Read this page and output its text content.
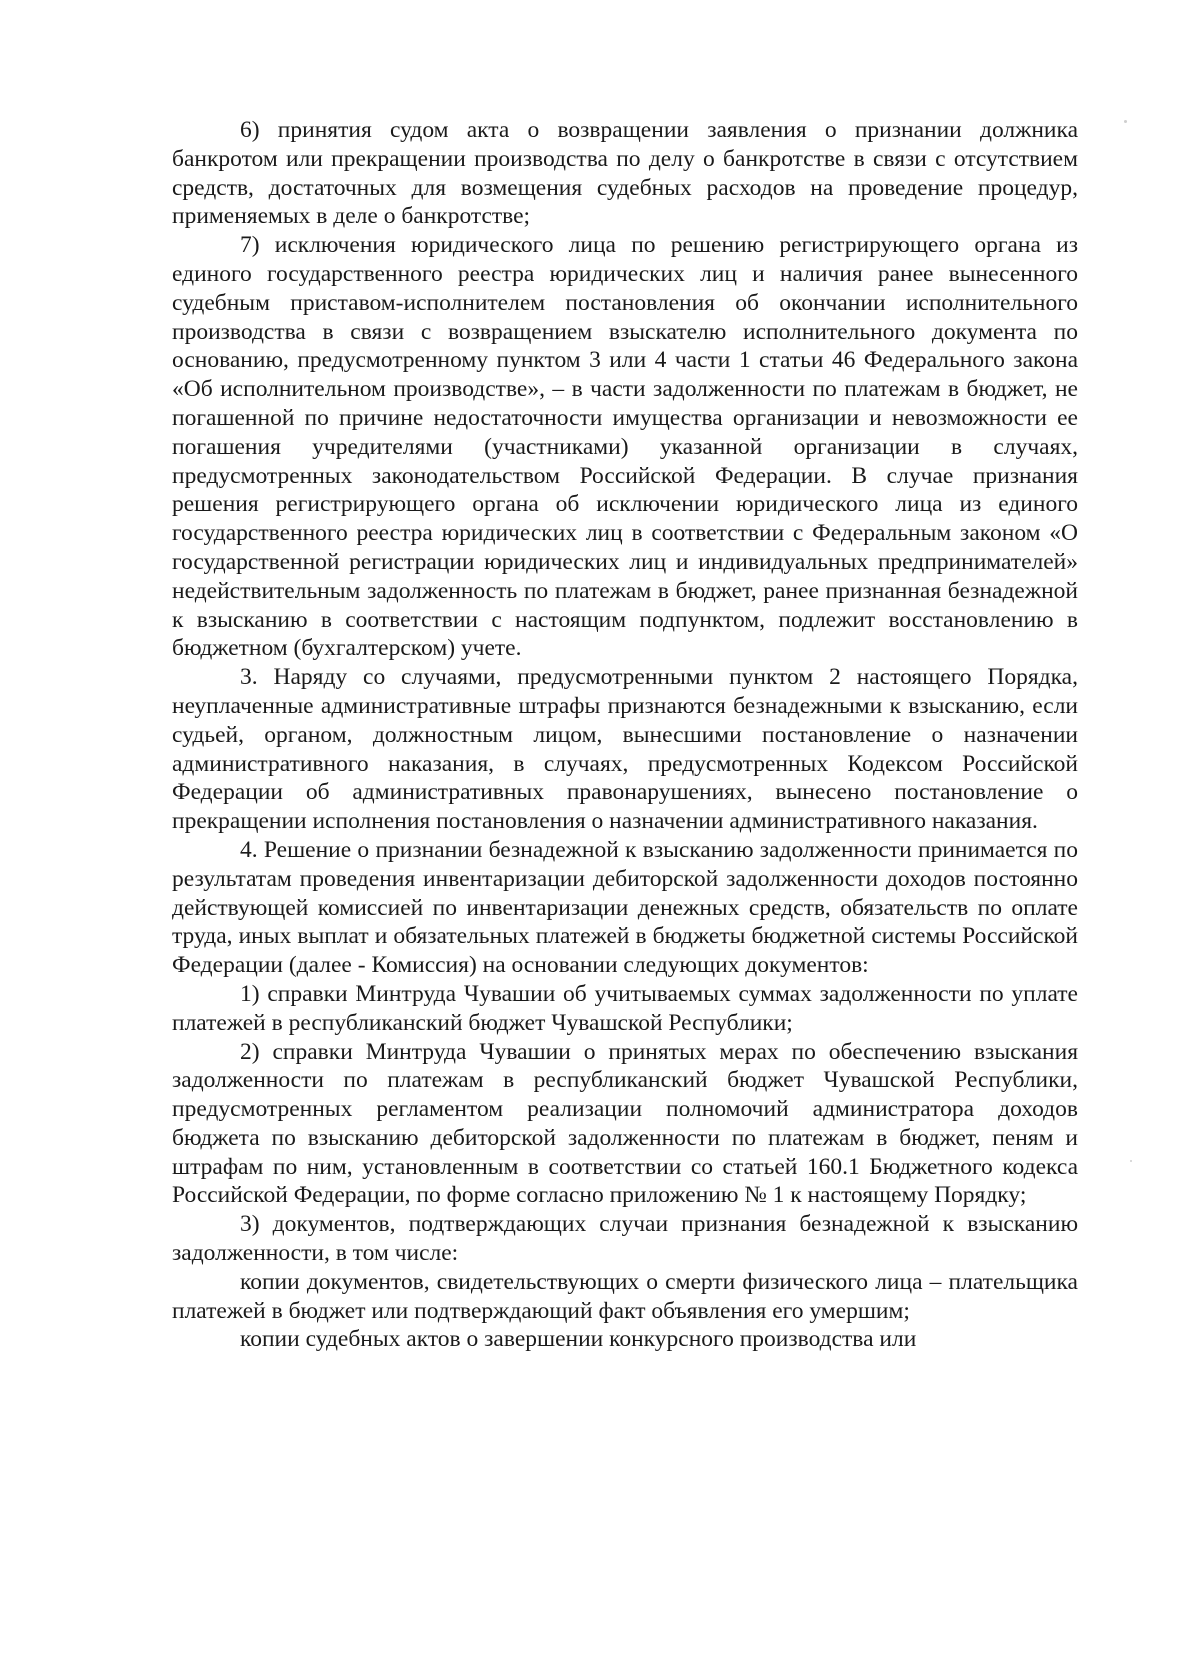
6) принятия судом акта о возвращении заявления о признании должника банкротом или прекращении производства по делу о банкротстве в связи с отсутствием средств, достаточных для возмещения судебных расходов на проведение процедур, применяемых в деле о банкротстве;

7) исключения юридического лица по решению регистрирующего органа из единого государственного реестра юридических лиц и наличия ранее вынесенного судебным приставом-исполнителем постановления об окончании исполнительного производства в связи с возвращением взыскателю исполнительного документа по основанию, предусмотренному пунктом 3 или 4 части 1 статьи 46 Федерального закона «Об исполнительном производстве», – в части задолженности по платежам в бюджет, не погашенной по причине недостаточности имущества организации и невозможности ее погашения учредителями (участниками) указанной организации в случаях, предусмотренных законодательством Российской Федерации. В случае признания решения регистрирующего органа об исключении юридического лица из единого государственного реестра юридических лиц в соответствии с Федеральным законом «О государственной регистрации юридических лиц и индивидуальных предпринимателей» недействительным задолженность по платежам в бюджет, ранее признанная безнадежной к взысканию в соответствии с настоящим подпунктом, подлежит восстановлению в бюджетном (бухгалтерском) учете.

3. Наряду со случаями, предусмотренными пунктом 2 настоящего Порядка, неуплаченные административные штрафы признаются безнадежными к взысканию, если судьей, органом, должностным лицом, вынесшими постановление о назначении административного наказания, в случаях, предусмотренных Кодексом Российской Федерации об административных правонарушениях, вынесено постановление о прекращении исполнения постановления о назначении административного наказания.

4. Решение о признании безнадежной к взысканию задолженности принимается по результатам проведения инвентаризации дебиторской задолженности доходов постоянно действующей комиссией по инвентаризации денежных средств, обязательств по оплате труда, иных выплат и обязательных платежей в бюджеты бюджетной системы Российской Федерации (далее - Комиссия) на основании следующих документов:

1) справки Минтруда Чувашии об учитываемых суммах задолженности по уплате платежей в республиканский бюджет Чувашской Республики;

2) справки Минтруда Чувашии о принятых мерах по обеспечению взыскания задолженности по платежам в республиканский бюджет Чувашской Республики, предусмотренных регламентом реализации полномочий администратора доходов бюджета по взысканию дебиторской задолженности по платежам в бюджет, пеням и штрафам по ним, установленным в соответствии со статьей 160.1 Бюджетного кодекса Российской Федерации, по форме согласно приложению № 1 к настоящему Порядку;

3) документов, подтверждающих случаи признания безнадежной к взысканию задолженности, в том числе:

копии документов, свидетельствующих о смерти физического лица – плательщика платежей в бюджет или подтверждающий факт объявления его умершим;

копии судебных актов о завершении конкурсного производства или
